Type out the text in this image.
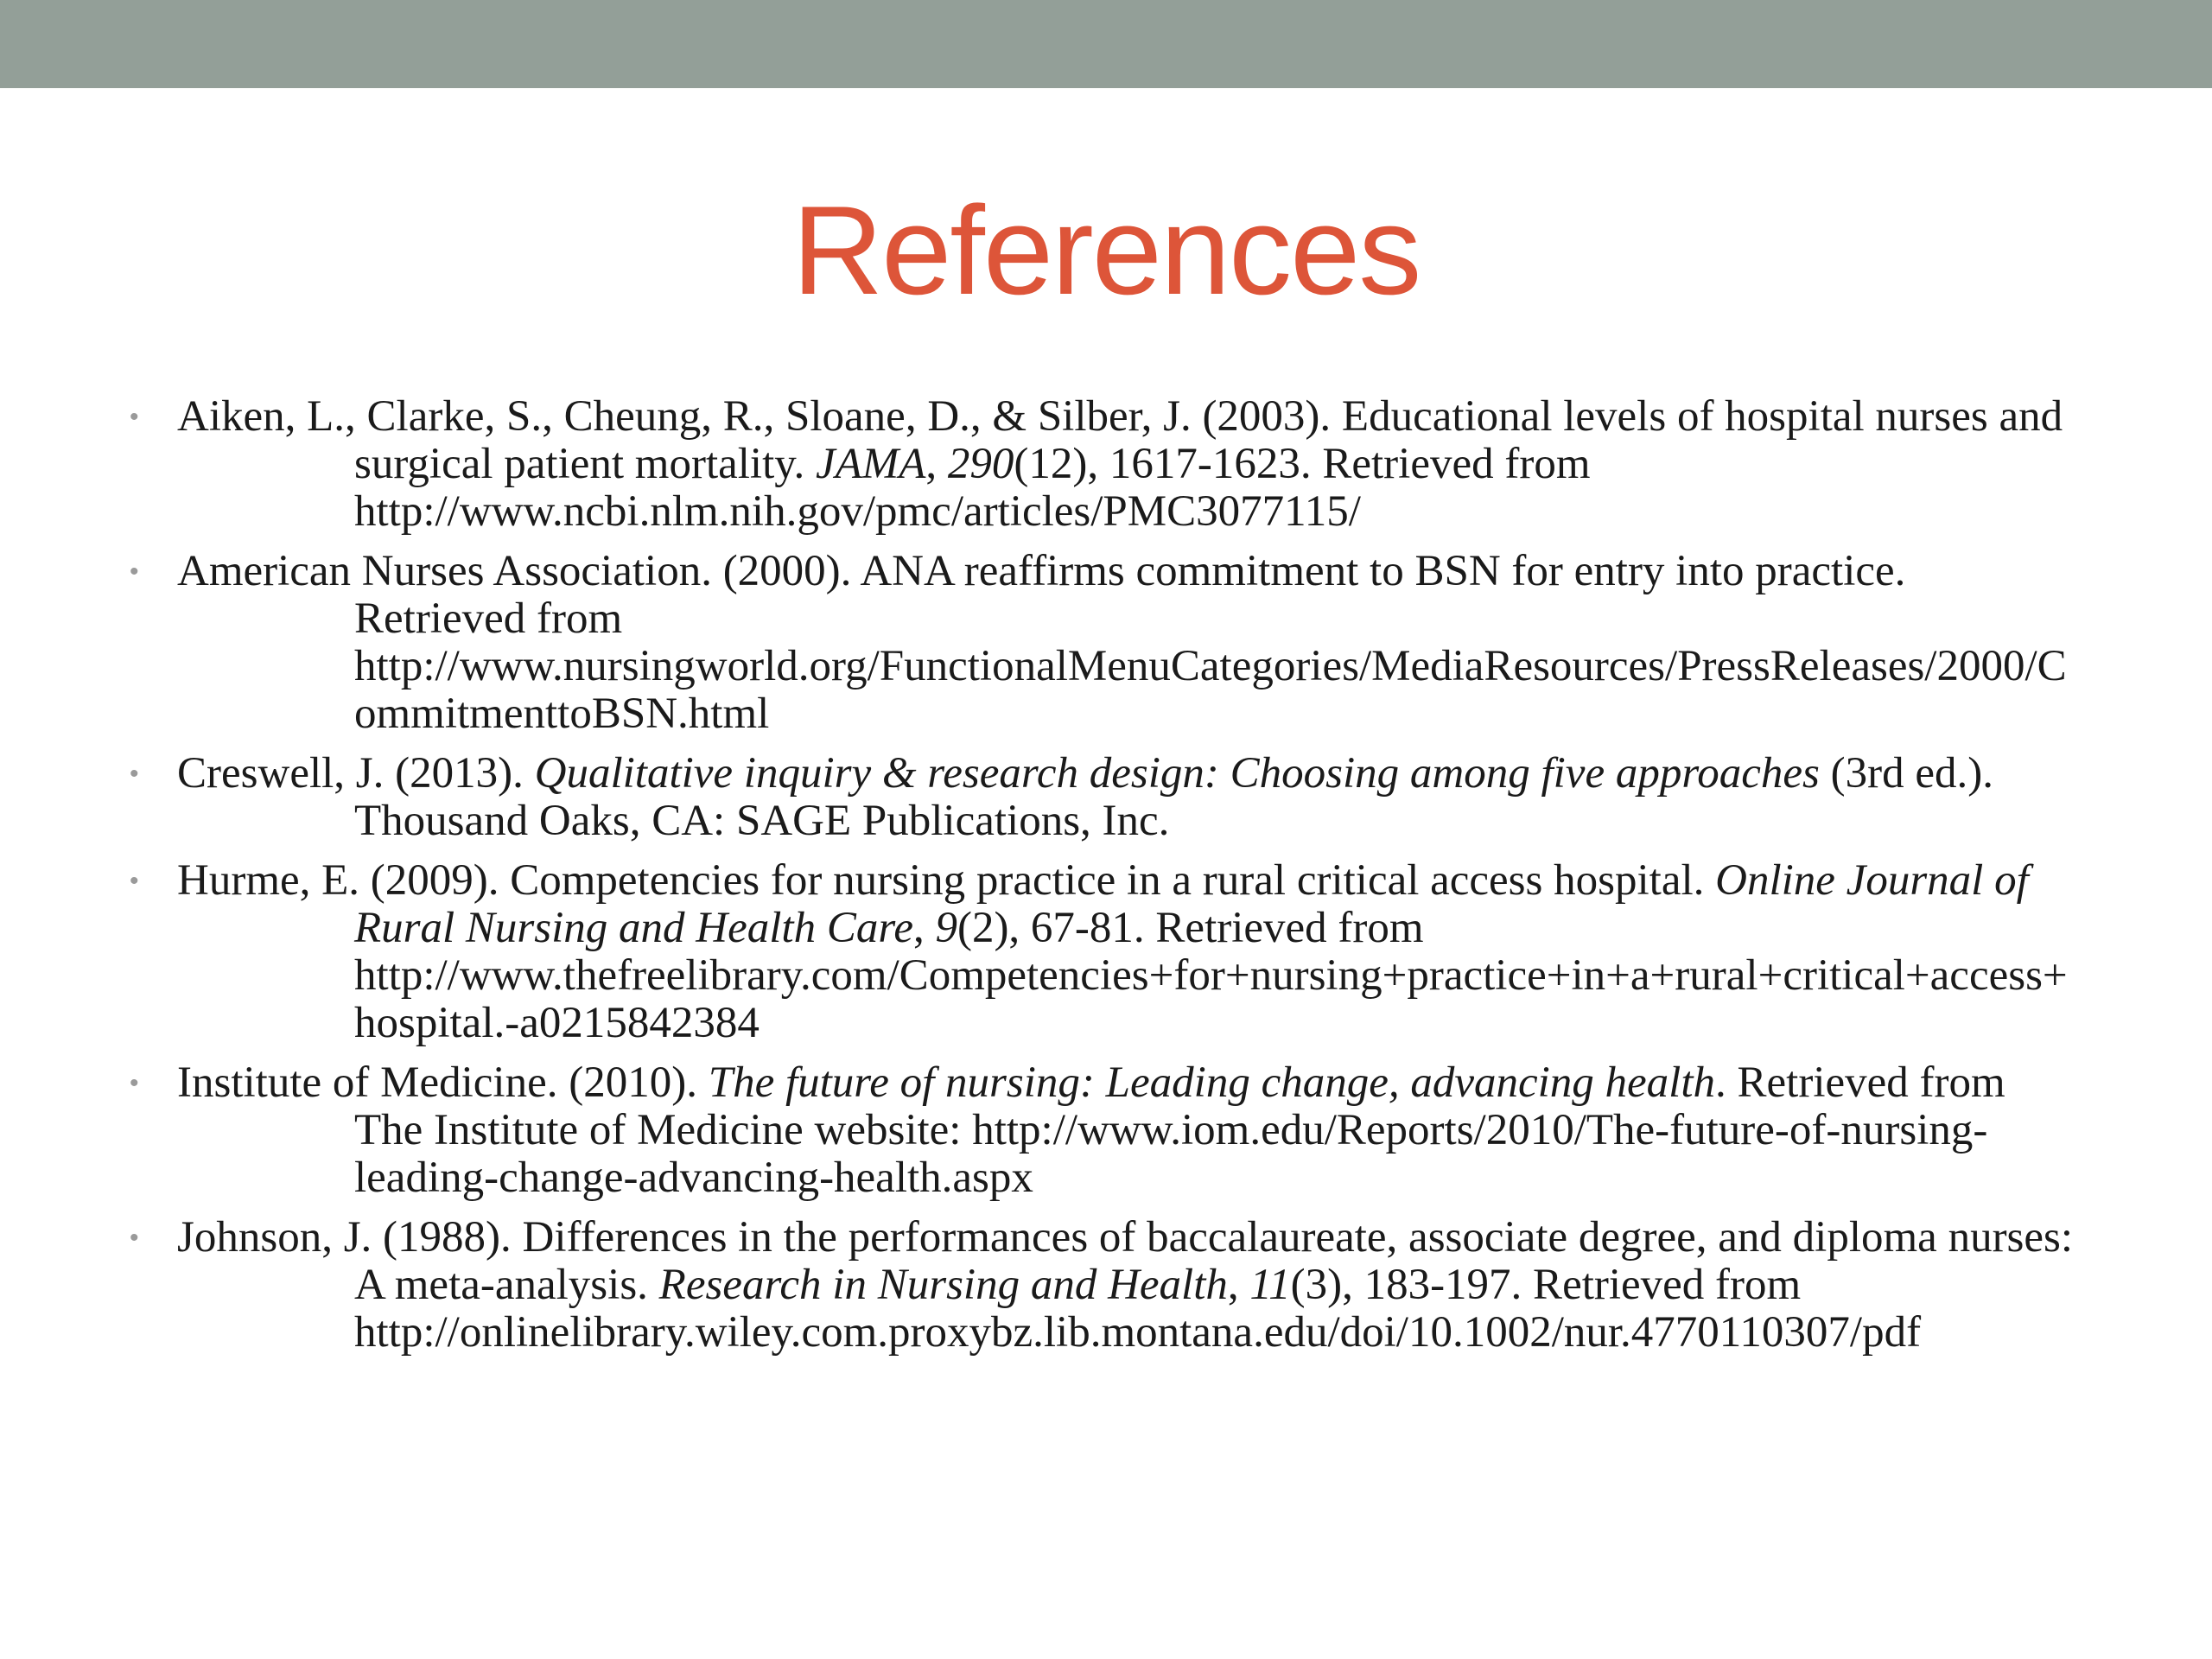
References
• Aiken, L., Clarke, S., Cheung, R., Sloane, D., & Silber, J. (2003). Educational levels of hospital nurses and surgical patient mortality. JAMA, 290(12), 1617-1623. Retrieved from http://www.ncbi.nlm.nih.gov/pmc/articles/PMC3077115/
• American Nurses Association. (2000). ANA reaffirms commitment to BSN for entry into practice. Retrieved from http://www.nursingworld.org/FunctionalMenuCategories/MediaResources/PressReleases/2000/CommitmenttoBSN.html
• Creswell, J. (2013). Qualitative inquiry & research design: Choosing among five approaches (3rd ed.). Thousand Oaks, CA: SAGE Publications, Inc.
• Hurme, E. (2009). Competencies for nursing practice in a rural critical access hospital. Online Journal of Rural Nursing and Health Care, 9(2), 67-81. Retrieved from http://www.thefreelibrary.com/Competencies+for+nursing+practice+in+a+rural+critical+access+hospital.-a0215842384
• Institute of Medicine. (2010). The future of nursing: Leading change, advancing health. Retrieved from The Institute of Medicine website: http://www.iom.edu/Reports/2010/The-future-of-nursing-leading-change-advancing-health.aspx
• Johnson, J. (1988). Differences in the performances of baccalaureate, associate degree, and diploma nurses: A meta-analysis. Research in Nursing and Health, 11(3), 183-197. Retrieved from http://onlinelibrary.wiley.com.proxybz.lib.montana.edu/doi/10.1002/nur.4770110307/pdf
